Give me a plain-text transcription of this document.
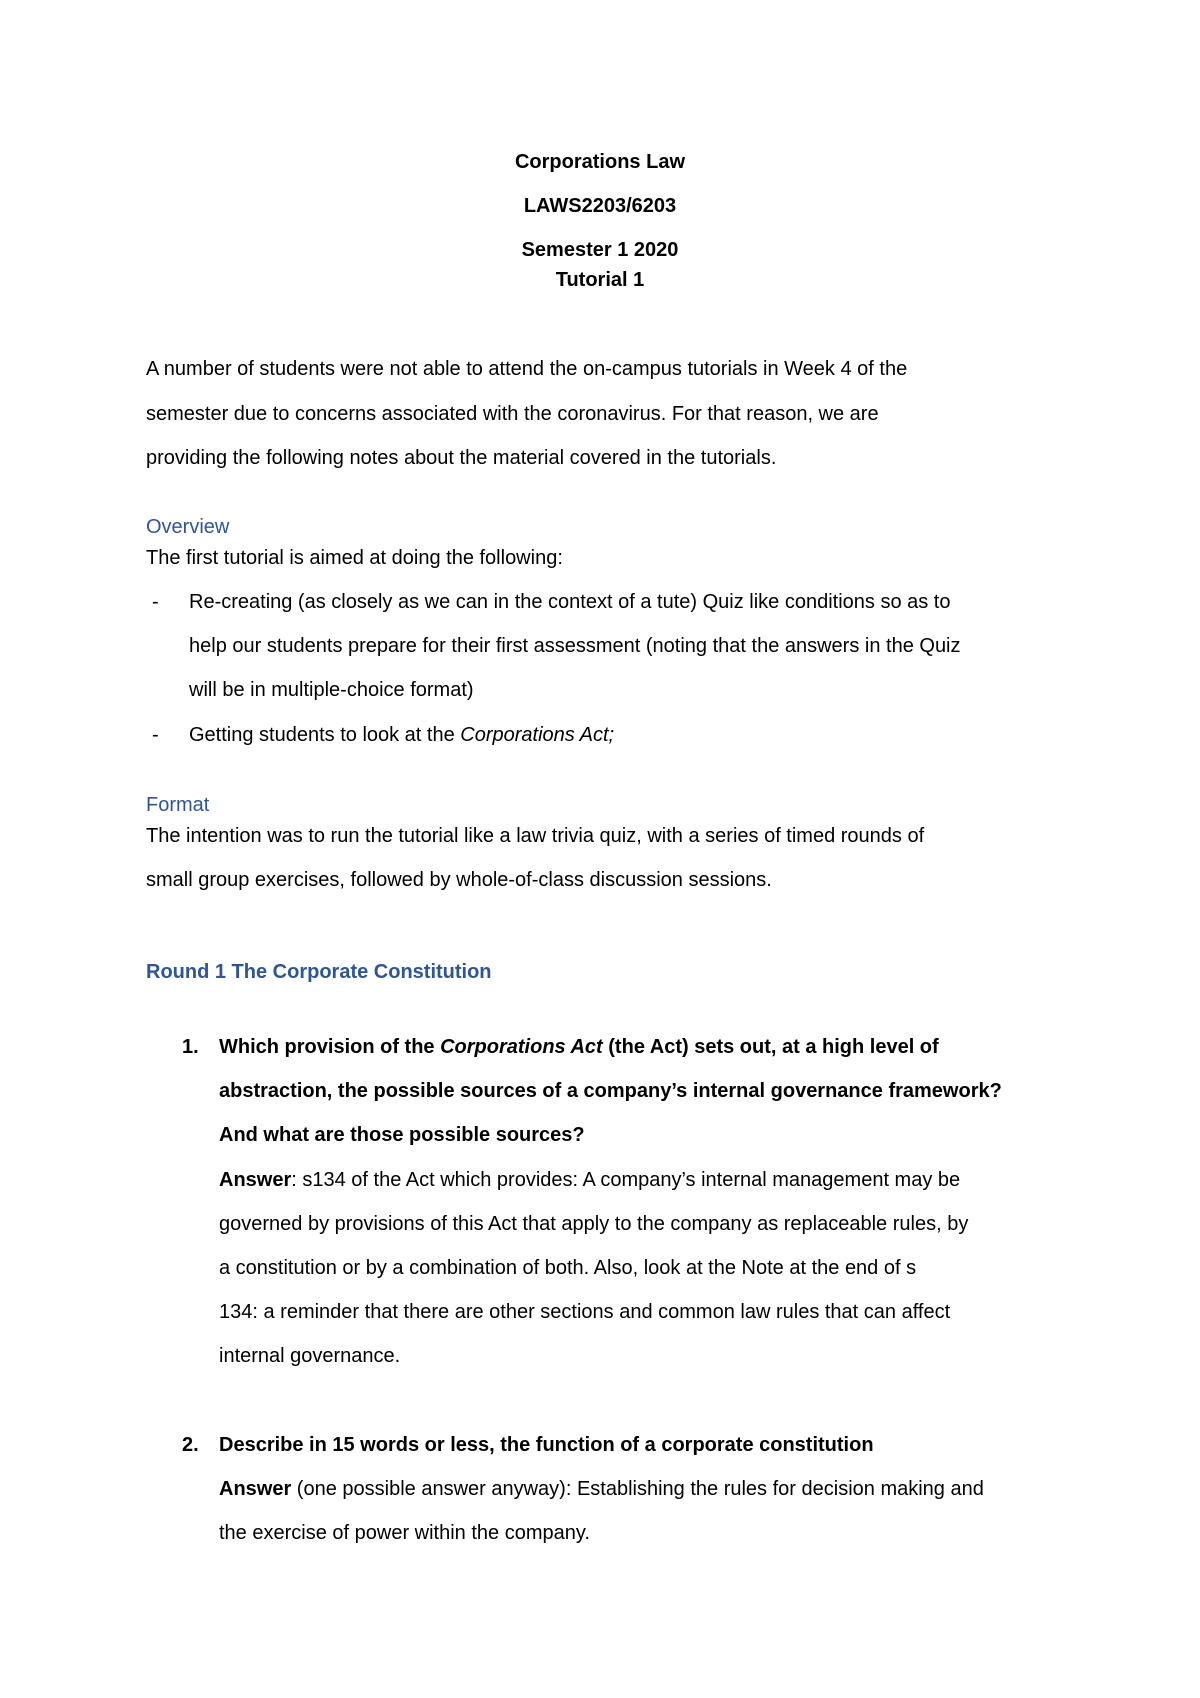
Corporations Law
LAWS2203/6203
Semester 1 2020
Tutorial 1
A number of students were not able to attend the on-campus tutorials in Week 4 of the
semester due to concerns associated with the coronavirus. For that reason, we are
providing the following notes about the material covered in the tutorials.
Overview
The first tutorial is aimed at doing the following:
- Re-creating (as closely as we can in the context of a tute) Quiz like conditions so as to
help our students prepare for their first assessment (noting that the answers in the Quiz
will be in multiple-choice format)
- Getting students to look at the Corporations Act;
Format
The intention was to run the tutorial like a law trivia quiz, with a series of timed rounds of
small group exercises, followed by whole-of-class discussion sessions.
Round 1 The Corporate Constitution
1. Which provision of the Corporations Act (the Act) sets out, at a high level of
abstraction, the possible sources of a company’s internal governance framework?
And what are those possible sources?
Answer: s134 of the Act which provides: A company’s internal management may be
governed by provisions of this Act that apply to the company as replaceable rules, by
a constitution or by a combination of both. Also, look at the Note at the end of s
134: a reminder that there are other sections and common law rules that can affect
internal governance.
2. Describe in 15 words or less, the function of a corporate constitution
Answer (one possible answer anyway): Establishing the rules for decision making and
the exercise of power within the company.
